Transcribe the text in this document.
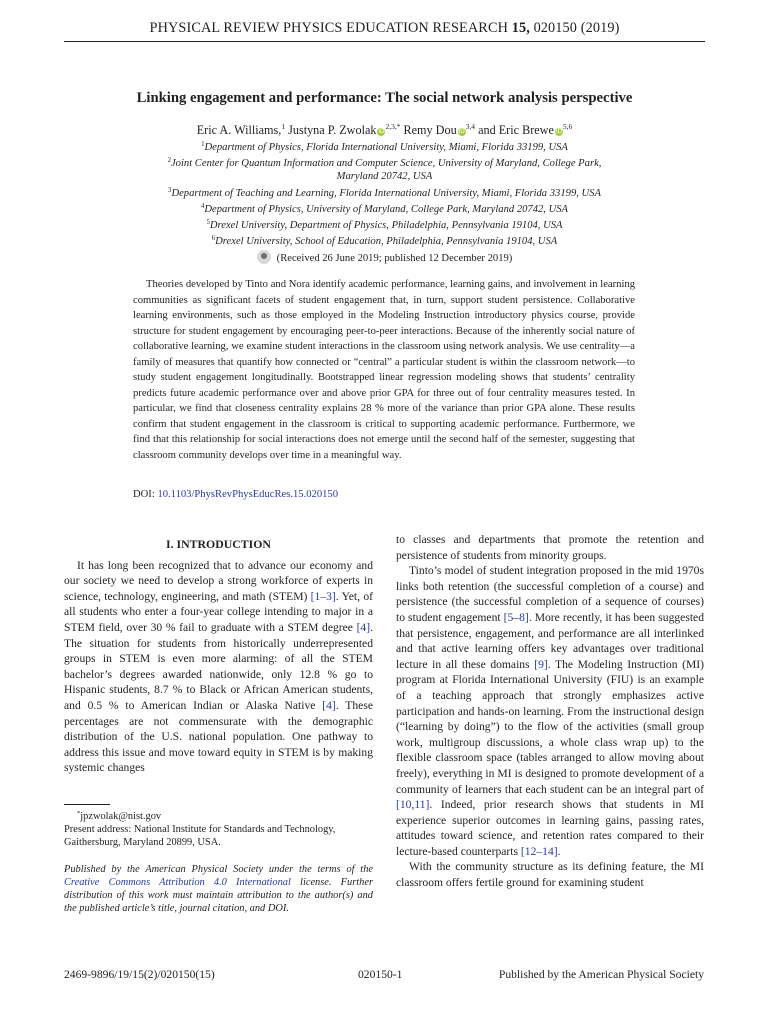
PHYSICAL REVIEW PHYSICS EDUCATION RESEARCH 15, 020150 (2019)
Linking engagement and performance: The social network analysis perspective
Eric A. Williams,$^1$ Justyna P. Zwolak $iD^{2,3,*}$ Remy Dou iD$^{3,4}$ and Eric Brewe iD$^{5,6}$
$^1$Department of Physics, Florida International University, Miami, Florida 33199, USA
$^2$Joint Center for Quantum Information and Computer Science, University of Maryland, College Park,
Maryland 20742, USA
$^3$Department of Teaching and Learning, Florida International University, Miami, Florida 33199, USA
$^4$Department of Physics, University of Maryland, College Park, Maryland 20742, USA
$^5$Drexel University, Department of Physics, Philadelphia, Pennsylvania 19104, USA
$^6$Drexel University, School of Education, Philadelphia, Pennsylvania 19104, USA
(Received 26 June 2019; published 12 December 2019)

Theories developed by Tinto and Nora identify academic performance, learning gains, and involvement in learning communities as significant facets of student engagement that, in turn, support student persistence. Collaborative learning environments, such as those employed in the Modeling Instruction introductory physics course, provide structure for student engagement by encouraging peer-to-peer interactions. Because of the inherently social nature of collaborative learning, we examine student interactions in the classroom using network analysis. We use centrality—a family of measures that quantify how connected or “central” a particular student is within the classroom network—to study student engagement longitudinally. Bootstrapped linear regression modeling shows that students’ centrality predicts future academic performance over and above prior GPA for three out of four centrality measures tested. In particular, we find that closeness centrality explains 28 % more of the variance than prior GPA alone. These results confirm that student engagement in the classroom is critical to supporting academic performance. Furthermore, we find that this relationship for social interactions does not emerge until the second half of the semester, suggesting that classroom community develops over time in a meaningful way.

DOI: 10.1103/PhysRevPhysEducRes.15.020150
I. INTRODUCTION

It has long been recognized that to advance our economy and our society we need to develop a strong workforce of experts in science, technology, engineering, and math (STEM) [1–3]. Yet, of all students who enter a four-year college intending to major in a STEM field, over 30 % fail to graduate with a STEM degree [4]. The situation for students from historically underrepresented groups in STEM is even more alarming: of all the STEM bachelor’s degrees awarded nationwide, only 12.8 % go to Hispanic students, 8.7 % to Black or African American students, and 0.5 % to American Indian or Alaska Native [4]. These percentages are not commensurate with the demographic distribution of the U.S. national population. One pathway to address this issue and move toward equity in STEM is by making systemic changes

*jpzwolak@nist.gov
Present address: National Institute for Standards and Technology, Gaithersburg, Maryland 20899, USA.
Published by the American Physical Society under the terms of the Creative Commons Attribution 4.0 International license. Further distribution of this work must maintain attribution to the author(s) and the published article’s title, journal citation, and DOI.

to classes and departments that promote the retention and persistence of students from minority groups.

Tinto’s model of student integration proposed in the mid 1970s links both retention (the successful completion of a course) and persistence (the successful completion of a sequence of courses) to student engagement [5–8]. More recently, it has been suggested that persistence, engagement, and performance are all interlinked and that active learning offers key advantages over traditional lecture in all these domains [9]. The Modeling Instruction (MI) program at Florida International University (FIU) is an example of a teaching approach that strongly emphasizes active participation and hands-on learning. From the instructional design (“learning by doing”) to the flow of the activities (small group work, multigroup discussions, a whole class wrap up) to the flexible classroom space (tables arranged to allow moving about freely), everything in MI is designed to promote development of a community of learners that each student can be an integral part of [10,11]. Indeed, prior research shows that students in MI experience superior outcomes in learning gains, passing rates, attitudes toward science, and retention rates compared to their lecture-based counterparts [12–14].

With the community structure as its defining feature, the MI classroom offers fertile ground for examining student

2469-9896/19/15(2)/020150(15)	020150-1	Published by the American Physical Society
